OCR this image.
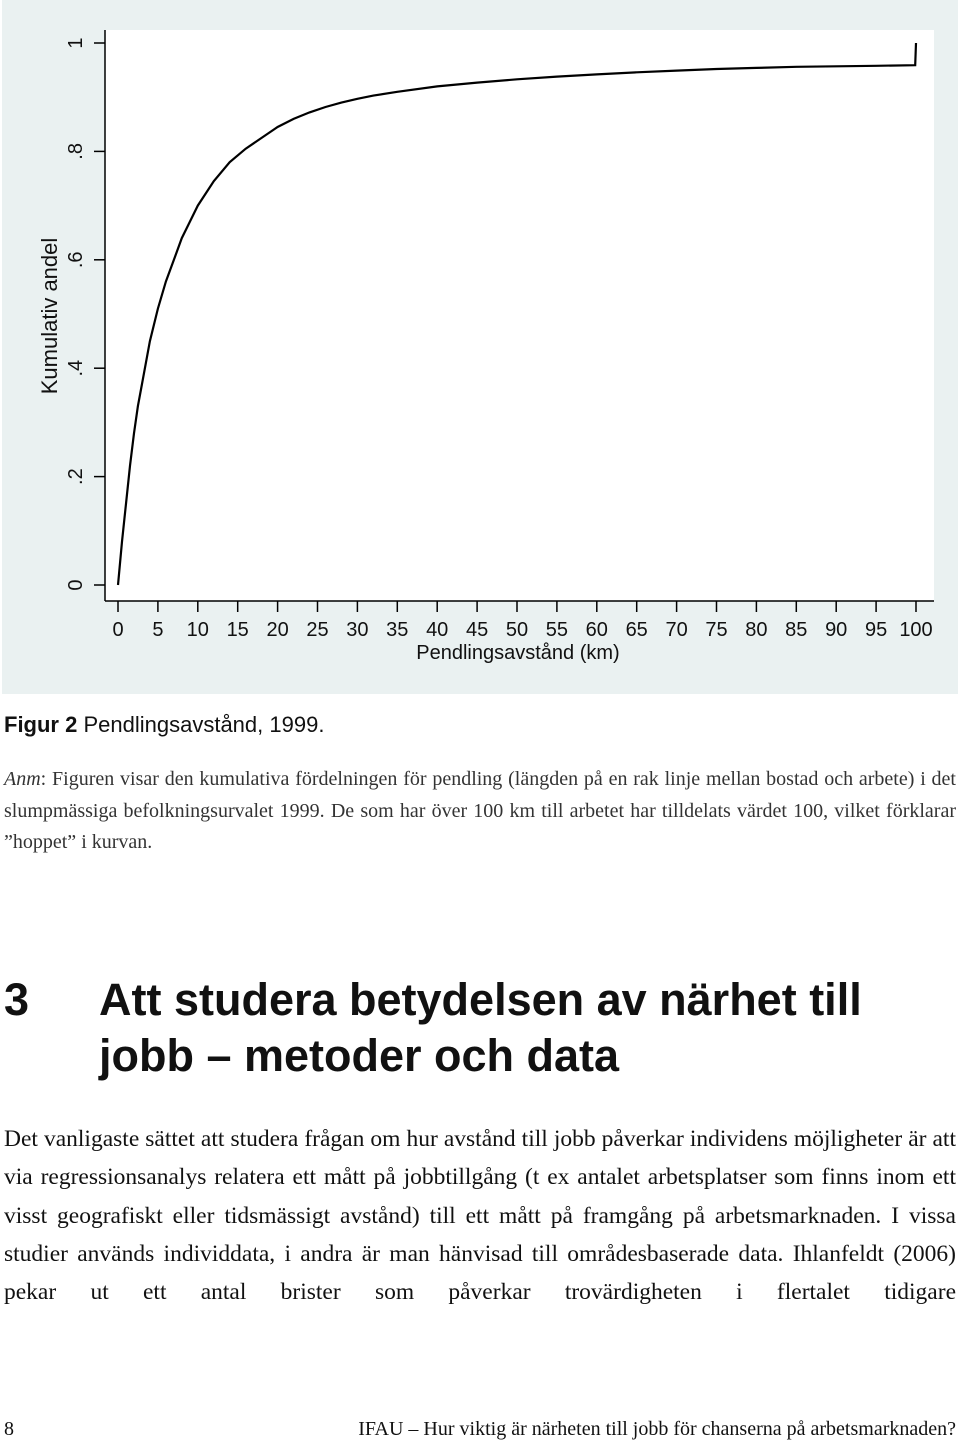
0 5 10 15 20 25 30 35 40 45 50 55 60 65 70 75 80 85 90 95 100
0
.2
.4
.6
.8
1
Pendlingsavstånd (km)
Kumulativ andel
Figur 2 Pendlingsavstånd, 1999.
Anm: Figuren visar den kumulativa fördelningen för pendling (längden på en rak linje mellan bostad och arbete) i det slumpmässiga befolkningsurvalet 1999. De som har över 100 km till arbetet har tilldelats värdet 100, vilket förklarar ”hoppet” i kurvan.
3 Att studera betydelsen av närhet till jobb – metoder och data
Det vanligaste sättet att studera frågan om hur avstånd till jobb påverkar individens möjligheter är att via regressionsanalys relatera ett mått på jobbtillgång (t ex antalet arbetsplatser som finns inom ett visst geografiskt eller tidsmässigt avstånd) till ett mått på framgång på arbetsmarknaden. I vissa studier används individdata, i andra är man hänvisad till områdesbaserade data. Ihlanfeldt (2006) pekar ut ett antal brister som påverkar trovärdigheten i flertalet tidigare
8	IFAU – Hur viktig är närheten till jobb för chanserna på arbetsmarknaden?
